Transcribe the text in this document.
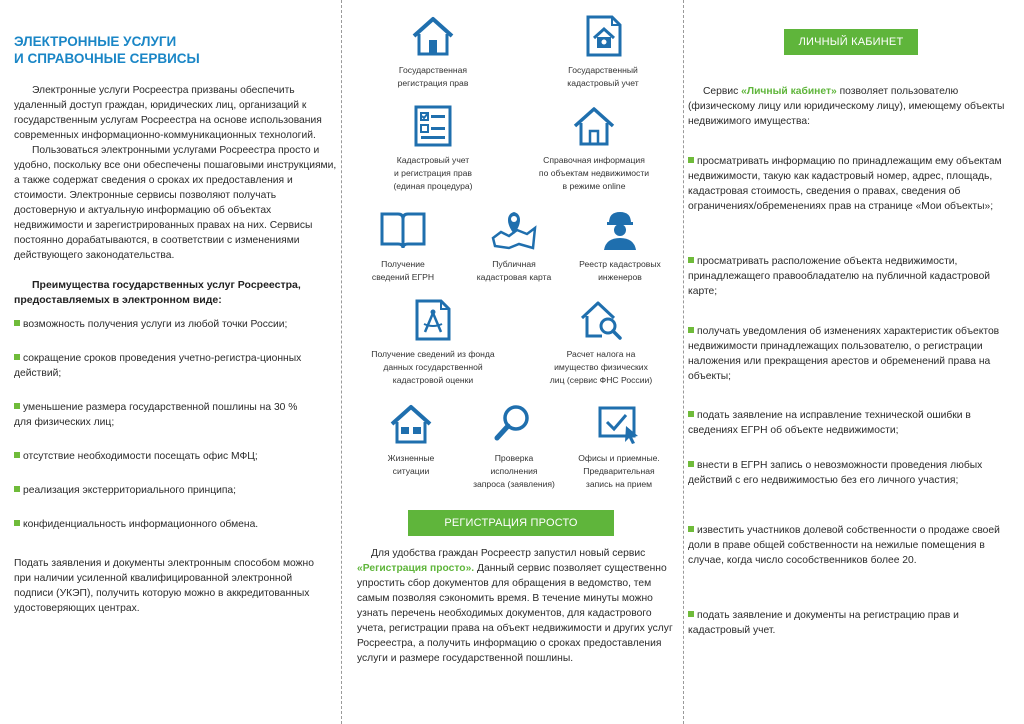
ЭЛЕКТРОННЫЕ УСЛУГИ
И СПРАВОЧНЫЕ СЕРВИСЫ

Электронные услуги Росреестра призваны обеспечить удаленный доступ граждан, юридических лиц, организаций к государственным услугам Росреестра на основе использования современных информационно-коммуникационных технологий.

Пользоваться электронными услугами Росреестра просто и удобно, поскольку все они обеспечены пошаговыми инструкциями, а также содержат сведения о сроках их предоставления и стоимости. Электронные сервисы позволяют получать достоверную и актуальную информацию об объектах недвижимости и зарегистрированных правах на них. Сервисы постоянно дорабатываются, в соответствии с изменениями действующего законодательства.

Преимущества государственных услуг Росреестра, предоставляемых в электронном виде:

возможность получения услуги из любой точки России;

сокращение сроков проведения учетно-регистра-ционных действий;

уменьшение размера государственной пошлины на 30 % для физических лиц;

отсутствие необходимости посещать офис МФЦ;

реализация экстерриториального принципа;

конфиденциальность информационного обмена.

Подать заявления и документы электронным способом можно при наличии усиленной квалифицированной электронной подписи (УКЭП), получить которую можно в аккредитованных удостоверяющих центрах.

Государственная
регистрация прав
Государственный
кадастровый учет
Кадастровый учет
и регистрация прав
(единая процедура)
Справочная информация
по объектам недвижимости
в режиме online
Получение
сведений ЕГРН
Публичная
кадастровая карта
Реестр кадастровых
инженеров
Получение сведений из фонда
данных государственной
кадастровой оценки
Расчет налога на
имущество физических
лиц (сервис ФНС России)
Жизненные
ситуации
Проверка
исполнения
запроса (заявления)
Офисы и приемные.
Предварительная
запись на прием
РЕГИСТРАЦИЯ ПРОСТО
Для удобства граждан Росреестр запустил новый сервис «Регистрация просто». Данный сервис позволяет существенно упростить сбор документов для обращения в ведомство, тем самым позволяя сэкономить время. В течение минуты можно узнать перечень необходимых документов, для кадастрового учета, регистрации права на объект недвижимости и других услуг Росреестра, а получить информацию о сроках предоставления услуги и размере государственной пошлины.
ЛИЧНЫЙ КАБИНЕТ
Сервис «Личный кабинет» позволяет пользователю (физическому лицу или юридическому лицу), имеющему объекты недвижимого имущества:
просматривать информацию по принадлежащим ему объектам недвижимости, такую как кадастровый номер, адрес, площадь, кадастровая стоимость, сведения о правах, сведения об ограничениях/обременениях прав на странице «Мои объекты»;
просматривать расположение объекта недвижимости, принадлежащего правообладателю на публичной кадастровой карте;
получать уведомления об изменениях характеристик объектов недвижимости принадлежащих пользователю, о регистрации наложения или прекращения арестов и обременений права на объекты;
подать заявление на исправление технической ошибки в сведениях ЕГРН об объекте недвижимости;
внести в ЕГРН запись о невозможности проведения любых действий с его недвижимостью без его личного участия;
известить участников долевой собственности о продаже своей доли в праве общей собственности на нежилые помещения в случае, когда число сособственников более 20.
подать заявление и документы на регистрацию прав и кадастровый учет.
